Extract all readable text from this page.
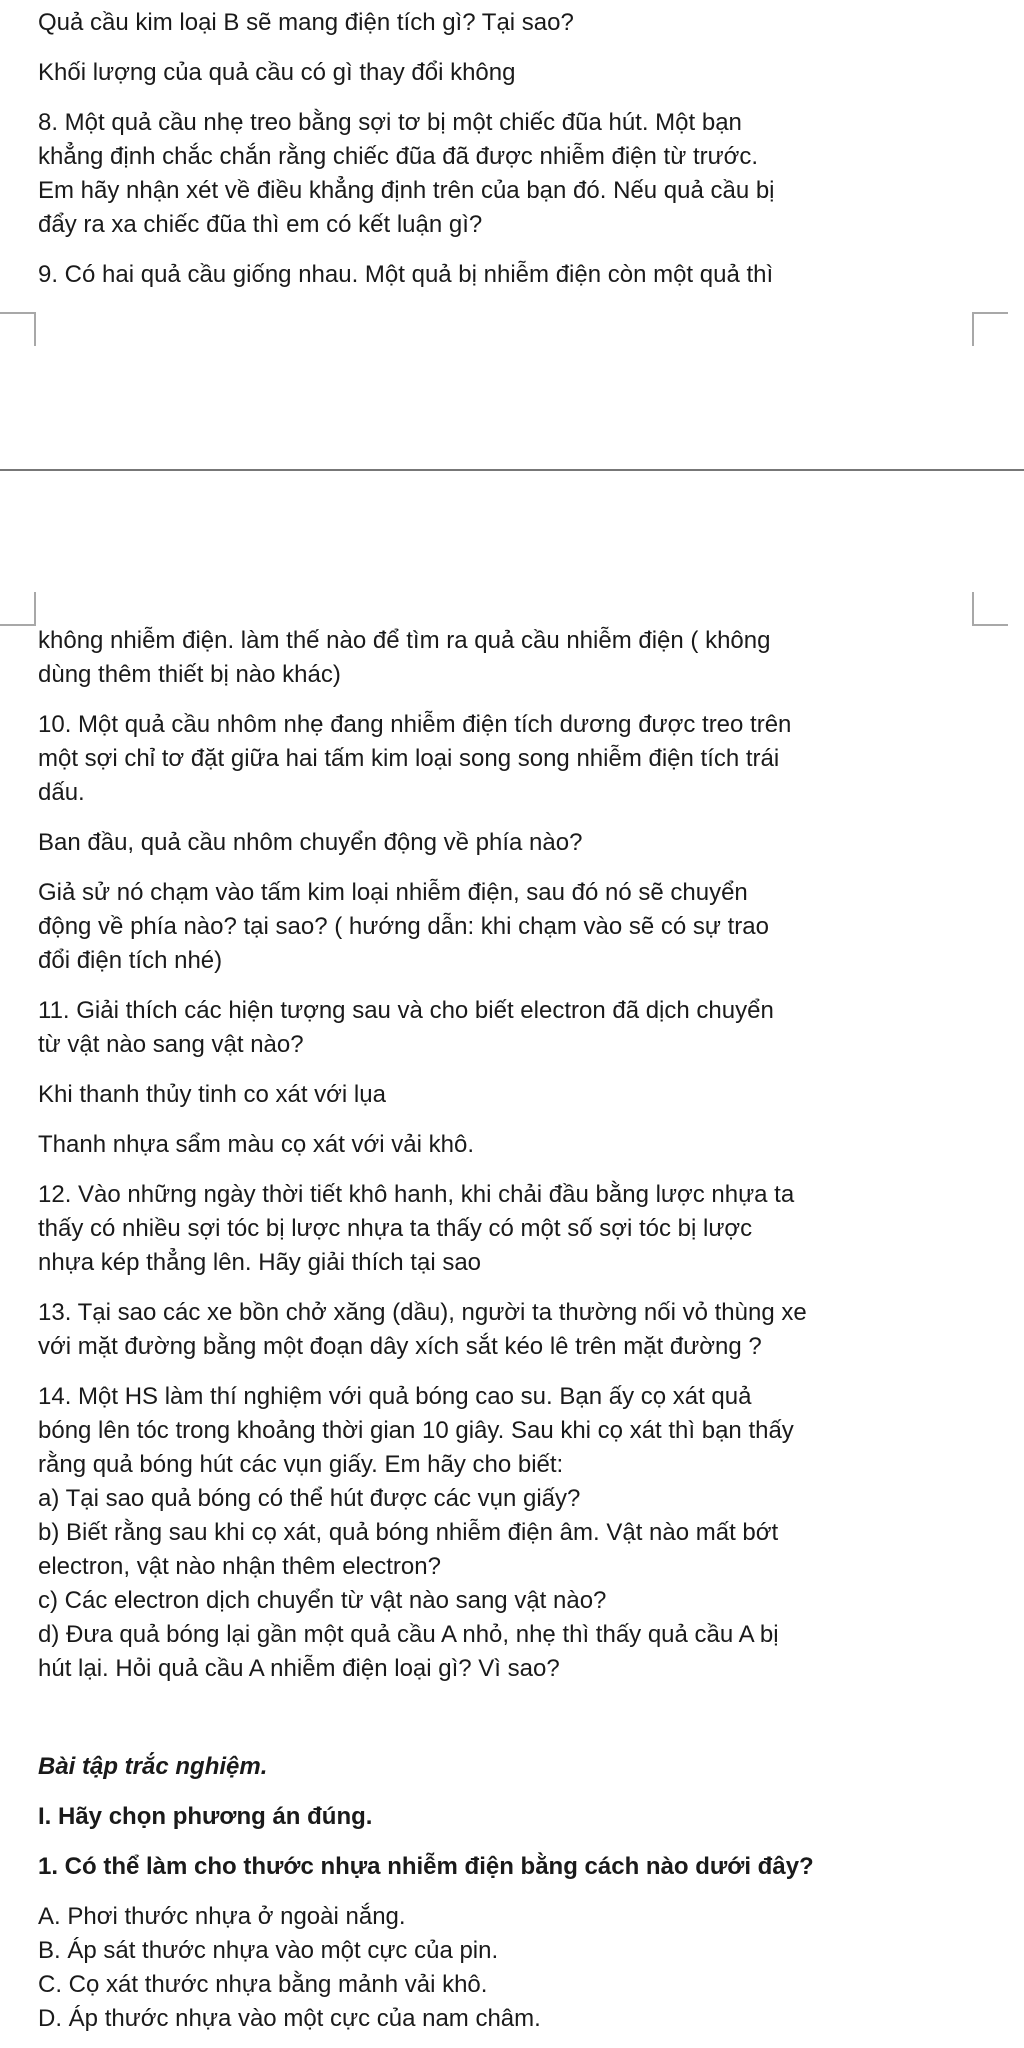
Quả cầu kim loại B sẽ mang điện tích gì? Tại sao?

Khối lượng của quả cầu có gì thay đổi không

8. Một quả cầu nhẹ treo bằng sợi tơ bị một chiếc đũa hút. Một bạn
khẳng định chắc chắn rằng chiếc đũa đã được nhiễm điện từ trước.
Em hãy nhận xét về điều khẳng định trên của bạn đó. Nếu quả cầu bị
đẩy ra xa chiếc đũa thì em có kết luận gì?

9. Có hai quả cầu giống nhau. Một quả bị nhiễm điện còn một quả thì

không nhiễm điện. làm thế nào để tìm ra quả cầu nhiễm điện ( không
dùng thêm thiết bị nào khác)

10. Một quả cầu nhôm nhẹ đang nhiễm điện tích dương được treo trên
một sợi chỉ tơ đặt giữa hai tấm kim loại song song nhiễm điện tích trái
dấu.

Ban đầu, quả cầu nhôm chuyển động về phía nào?

Giả sử nó chạm vào tấm kim loại nhiễm điện, sau đó nó sẽ chuyển
động về phía nào? tại sao? ( hướng dẫn: khi chạm vào sẽ có sự trao
đổi điện tích nhé)

11. Giải thích các hiện tượng sau và cho biết electron đã dịch chuyển
từ vật nào sang vật nào?

Khi thanh thủy tinh co xát với lụa

Thanh nhựa sẩm màu cọ xát với vải khô.

12. Vào những ngày thời tiết khô hanh, khi chải đầu bằng lược nhựa ta
thấy có nhiều sợi tóc bị lược nhựa ta thấy có một số sợi tóc bị lược
nhựa kép thẳng lên. Hãy giải thích tại sao

13. Tại sao các xe bồn chở xăng (dầu), người ta thường nối vỏ thùng xe
với mặt đường bằng một đoạn dây xích sắt kéo lê trên mặt đường ?

14. Một HS làm thí nghiệm với quả bóng cao su. Bạn ấy cọ xát quả
bóng lên tóc trong khoảng thời gian 10 giây. Sau khi cọ xát thì bạn thấy
rằng quả bóng hút các vụn giấy. Em hãy cho biết:
a) Tại sao quả bóng có thể hút được các vụn giấy?
b) Biết rằng sau khi cọ xát, quả bóng nhiễm điện âm. Vật nào mất bớt
electron, vật nào nhận thêm electron?
c) Các electron dịch chuyển từ vật nào sang vật nào?
d) Đưa quả bóng lại gần một quả cầu A nhỏ, nhẹ thì thấy quả cầu A bị
hút lại. Hỏi quả cầu A nhiễm điện loại gì? Vì sao?

Bài tập trắc nghiệm.

I. Hãy chọn phương án đúng.

1. Có thể làm cho thước nhựa nhiễm điện bằng cách nào dưới đây?

A. Phơi thước nhựa ở ngoài nắng.
B. Áp sát thước nhựa vào một cực của pin.
C. Cọ xát thước nhựa bằng mảnh vải khô.
D. Áp thước nhựa vào một cực của nam châm.
